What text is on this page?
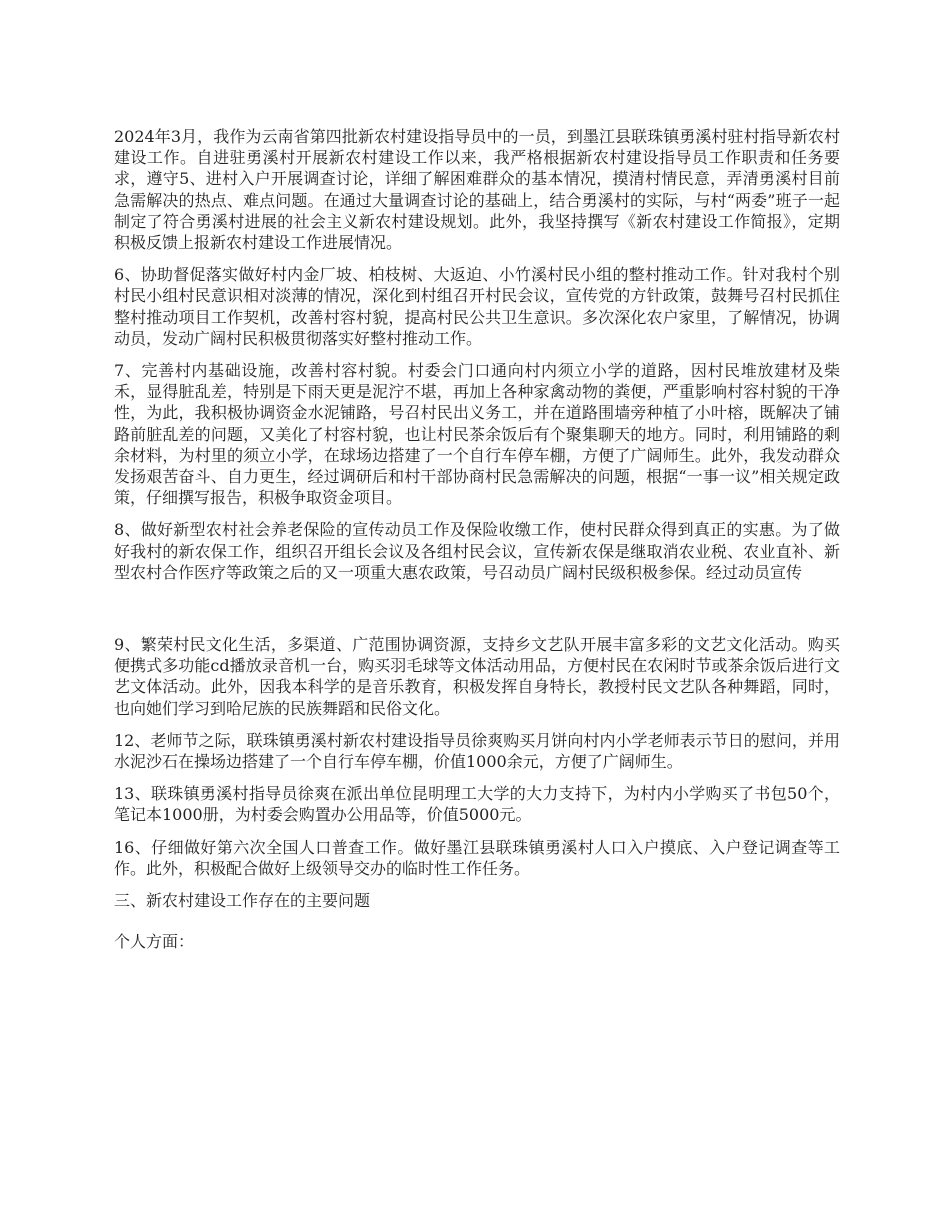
2024年3月，我作为云南省第四批新农村建设指导员中的一员，到墨江县联珠镇勇溪村驻村指导新农村建设工作。自进驻勇溪村开展新农村建设工作以来，我严格根据新农村建设指导员工作职责和任务要求，遵守5、进村入户开展调查讨论，详细了解困难群众的基本情况，摸清村情民意，弄清勇溪村目前急需解决的热点、难点问题。在通过大量调查讨论的基础上，结合勇溪村的实际，与村“两委”班子一起制定了符合勇溪村进展的社会主义新农村建设规划。此外，我坚持撰写《新农村建设工作简报》，定期积极反馈上报新农村建设工作进展情况。

6、协助督促落实做好村内金厂坡、柏枝树、大返迫、小竹溪村民小组的整村推动工作。针对我村个别村民小组村民意识相对淡薄的情况，深化到村组召开村民会议，宣传党的方针政策，鼓舞号召村民抓住整村推动项目工作契机，改善村容村貌，提高村民公共卫生意识。多次深化农户家里，了解情况，协调动员，发动广阔村民积极贯彻落实好整村推动工作。

7、完善村内基础设施，改善村容村貌。村委会门口通向村内须立小学的道路，因村民堆放建材及柴禾，显得脏乱差，特别是下雨天更是泥泞不堪，再加上各种家禽动物的粪便，严重影响村容村貌的干净性，为此，我积极协调资金水泥铺路，号召村民出义务工，并在道路围墙旁种植了小叶榕，既解决了铺路前脏乱差的问题，又美化了村容村貌，也让村民茶余饭后有个聚集聊天的地方。同时，利用铺路的剩余材料，为村里的须立小学，在球场边搭建了一个自行车停车棚，方便了广阔师生。此外，我发动群众发扬艰苦奋斗、自力更生，经过调研后和村干部协商村民急需解决的问题，根据“一事一议”相关规定政策，仔细撰写报告，积极争取资金项目。

8、做好新型农村社会养老保险的宣传动员工作及保险收缴工作，使村民群众得到真正的实惠。为了做好我村的新农保工作，组织召开组长会议及各组村民会议，宣传新农保是继取消农业税、农业直补、新型农村合作医疗等政策之后的又一项重大惠农政策，号召动员广阔村民级积极参保。经过动员宣传

9、繁荣村民文化生活，多渠道、广范围协调资源，支持乡文艺队开展丰富多彩的文艺文化活动。购买便携式多功能cd播放录音机一台，购买羽毛球等文体活动用品，方便村民在农闲时节或茶余饭后进行文艺文体活动。此外，因我本科学的是音乐教育，积极发挥自身特长，教授村民文艺队各种舞蹈，同时，也向她们学习到哈尼族的民族舞蹈和民俗文化。

12、老师节之际，联珠镇勇溪村新农村建设指导员徐爽购买月饼向村内小学老师表示节日的慰问，并用水泥沙石在操场边搭建了一个自行车停车棚，价值1000余元，方便了广阔师生。

13、联珠镇勇溪村指导员徐爽在派出单位昆明理工大学的大力支持下，为村内小学购买了书包50个，笔记本1000册，为村委会购置办公用品等，价值5000元。

16、仔细做好第六次全国人口普查工作。做好墨江县联珠镇勇溪村人口入户摸底、入户登记调查等工作。此外，积极配合做好上级领导交办的临时性工作任务。

三、新农村建设工作存在的主要问题

个人方面：
